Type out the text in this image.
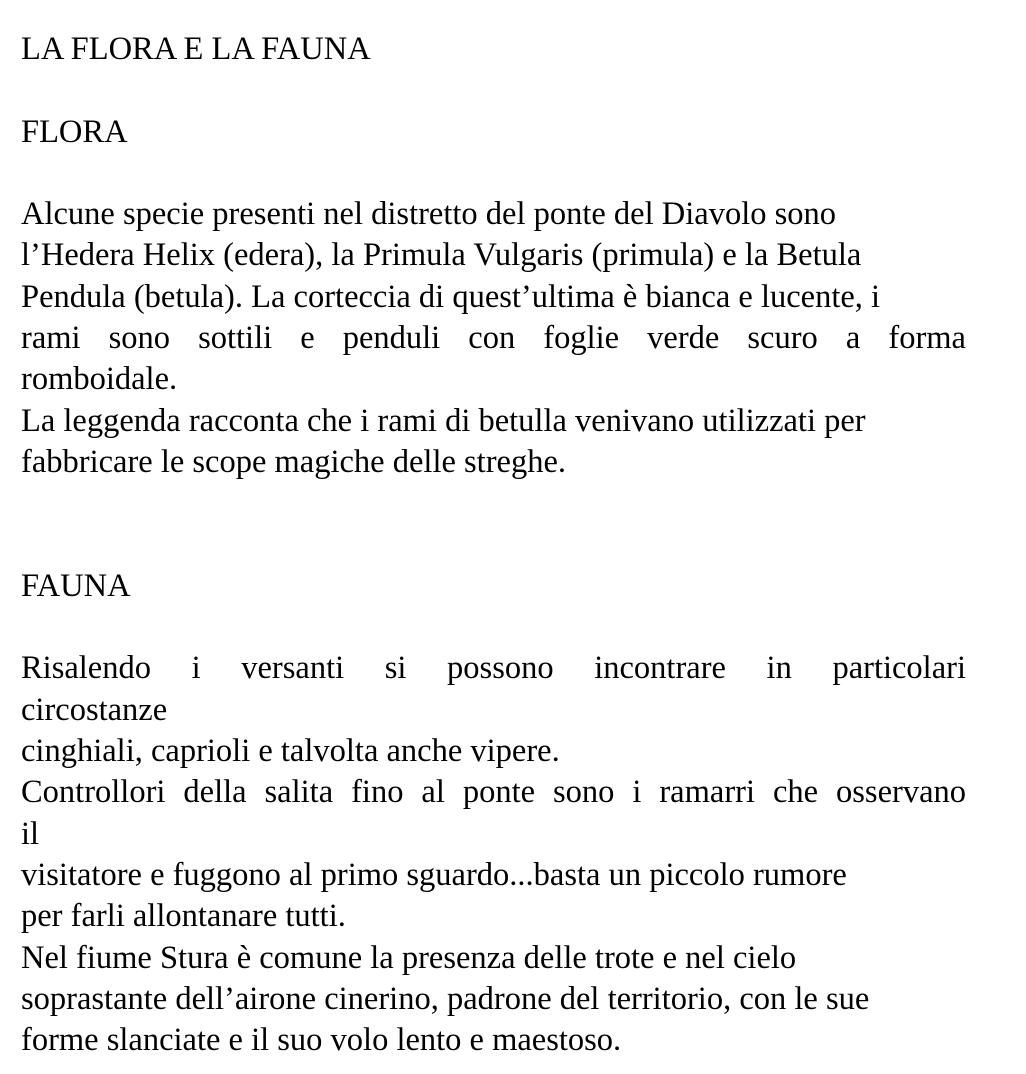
LA FLORA E LA FAUNA
FLORA
Alcune specie presenti nel distretto del ponte del Diavolo sono
l’Hedera Helix (edera), la Primula Vulgaris (primula) e la Betula
Pendula (betula). La corteccia di quest’ultima è bianca e lucente, i
rami sono sottili e penduli con foglie verde scuro a forma
romboidale.
La leggenda racconta che i rami di betulla venivano utilizzati per
fabbricare le scope magiche delle streghe.
FAUNA
Risalendo i versanti si possono incontrare in particolari
circostanze
cinghiali, caprioli e talvolta anche vipere.
Controllori della salita fino al ponte sono i ramarri che osservano
il
visitatore e fuggono al primo sguardo...basta un piccolo rumore
per farli allontanare tutti.
Nel fiume Stura è comune la presenza delle trote e nel cielo
soprastante dell’airone cinerino, padrone del territorio, con le sue
forme slanciate e il suo volo lento e maestoso.
